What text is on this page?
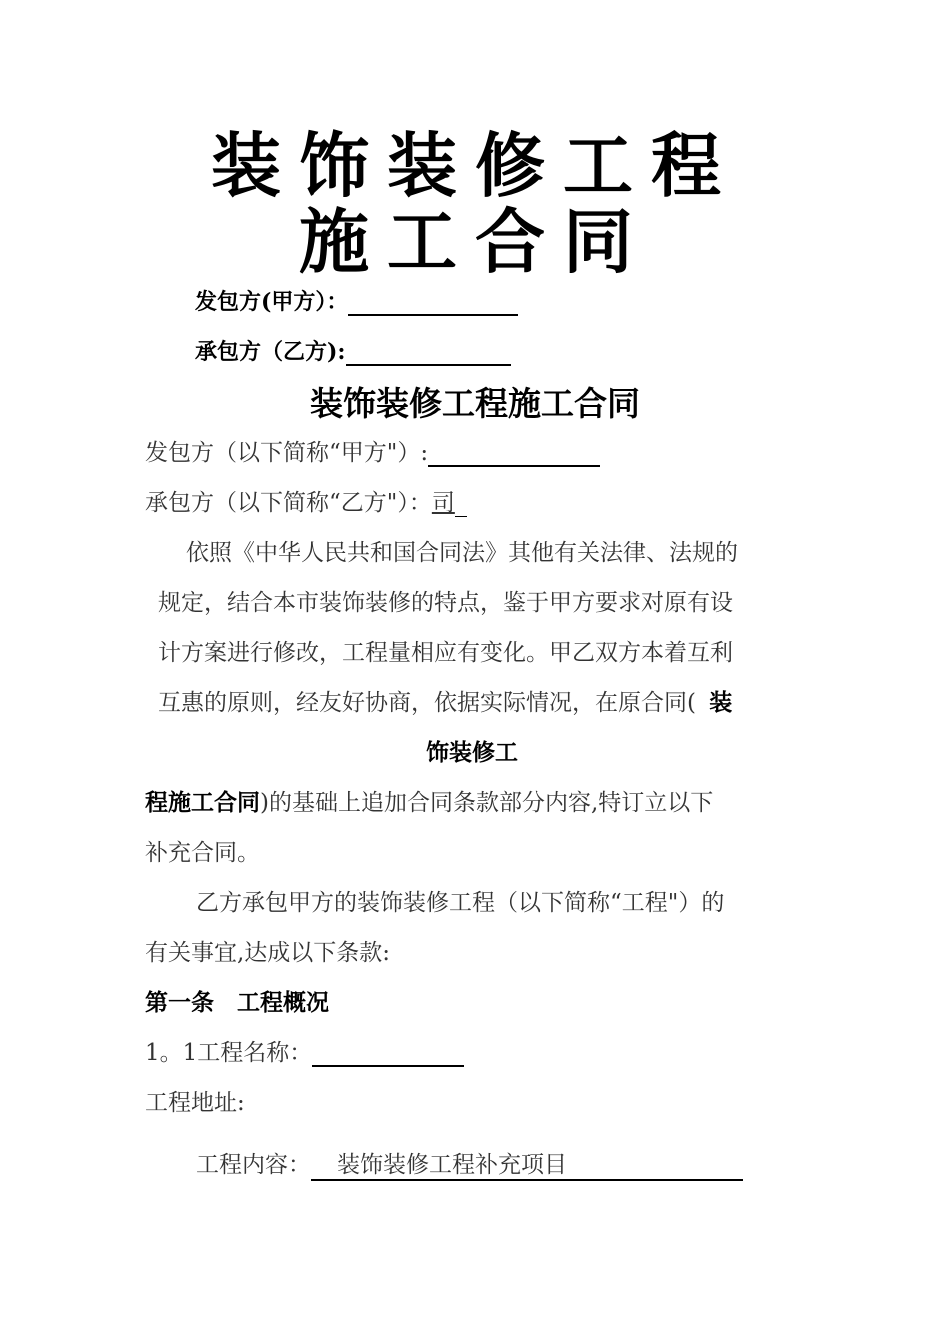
装饰装修工程
施工合同
发包方(甲方）：
承包方（乙方):
装饰装修工程施工合同
发包方（以下简称“甲方"）:
承包方（以下简称“乙方"）：司
依照《中华人民共和国合同法》其他有关法律、法规的
规定，结合本市装饰装修的特点，鉴于甲方要求对原有设
计方案进行修改，工程量相应有变化。甲乙双方本着互利
互惠的原则，经友好协商，依据实际情况，在原合同( 装
饰装修工
程施工合同)的基础上追加合同条款部分内容,特订立以下
补充合同。
乙方承包甲方的装饰装修工程（以下简称“工程"）的
有关事宜,达成以下条款:
第一条　工程概况
1。1工程名称：
工程地址:
工程内容： 装饰装修工程补充项目
